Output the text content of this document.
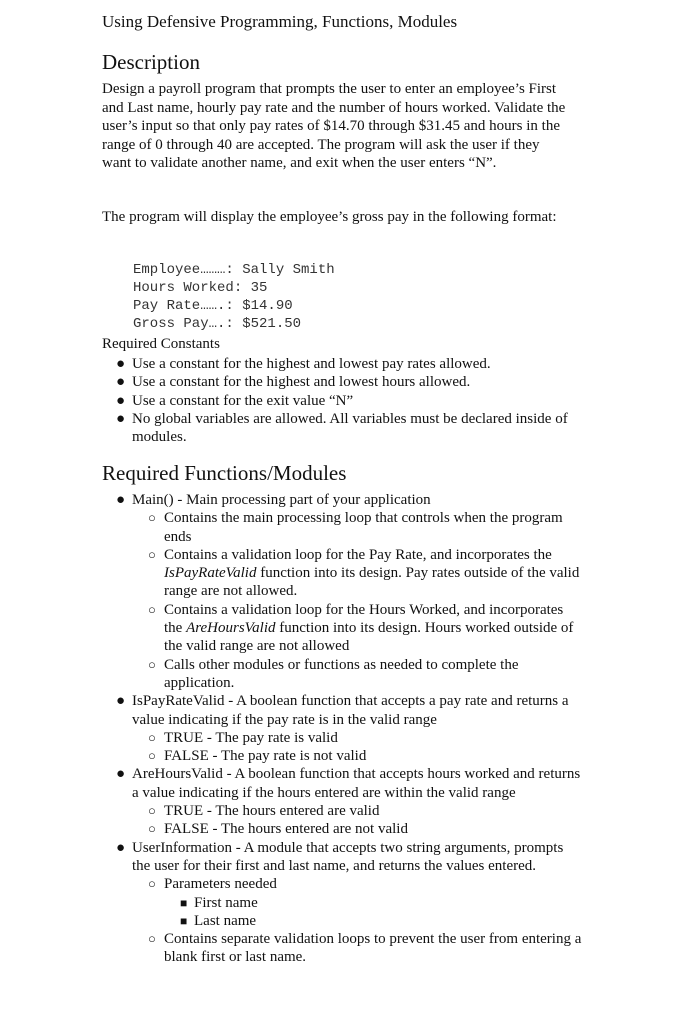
Using Defensive Programming, Functions, Modules
Description
Design a payroll program that prompts the user to enter an employee’s First and Last name, hourly pay rate and the number of hours worked. Validate the user’s input so that only pay rates of $14.70 through $31.45 and hours in the range of 0 through 40 are accepted. The program will ask the user if they want to validate another name, and exit when the user enters “N”.
The program will display the employee’s gross pay in the following format:

Employee………: Sally Smith
Hours Worked: 35
Pay Rate…….: $14.90
Gross Pay….: $521.50
Required Constants
● Use a constant for the highest and lowest pay rates allowed.
● Use a constant for the highest and lowest hours allowed.
● Use a constant for the exit value “N”
● No global variables are allowed. All variables must be declared inside of modules.
Required Functions/Modules
● Main() - Main processing part of your application
○ Contains the main processing loop that controls when the program ends
○ Contains a validation loop for the Pay Rate, and incorporates the IsPayRateValid function into its design. Pay rates outside of the valid range are not allowed.
○ Contains a validation loop for the Hours Worked, and incorporates the AreHoursValid function into its design. Hours worked outside of the valid range are not allowed
○ Calls other modules or functions as needed to complete the application.
● IsPayRateValid - A boolean function that accepts a pay rate and returns a value indicating if the pay rate is in the valid range
○ TRUE - The pay rate is valid
○ FALSE - The pay rate is not valid
● AreHoursValid - A boolean function that accepts hours worked and returns a value indicating if the hours entered are within the valid range
○ TRUE - The hours entered are valid
○ FALSE - The hours entered are not valid
● UserInformation - A module that accepts two string arguments, prompts the user for their first and last name, and returns the values entered.
○ Parameters needed
■ First name
■ Last name
○ Contains separate validation loops to prevent the user from entering a blank first or last name.
